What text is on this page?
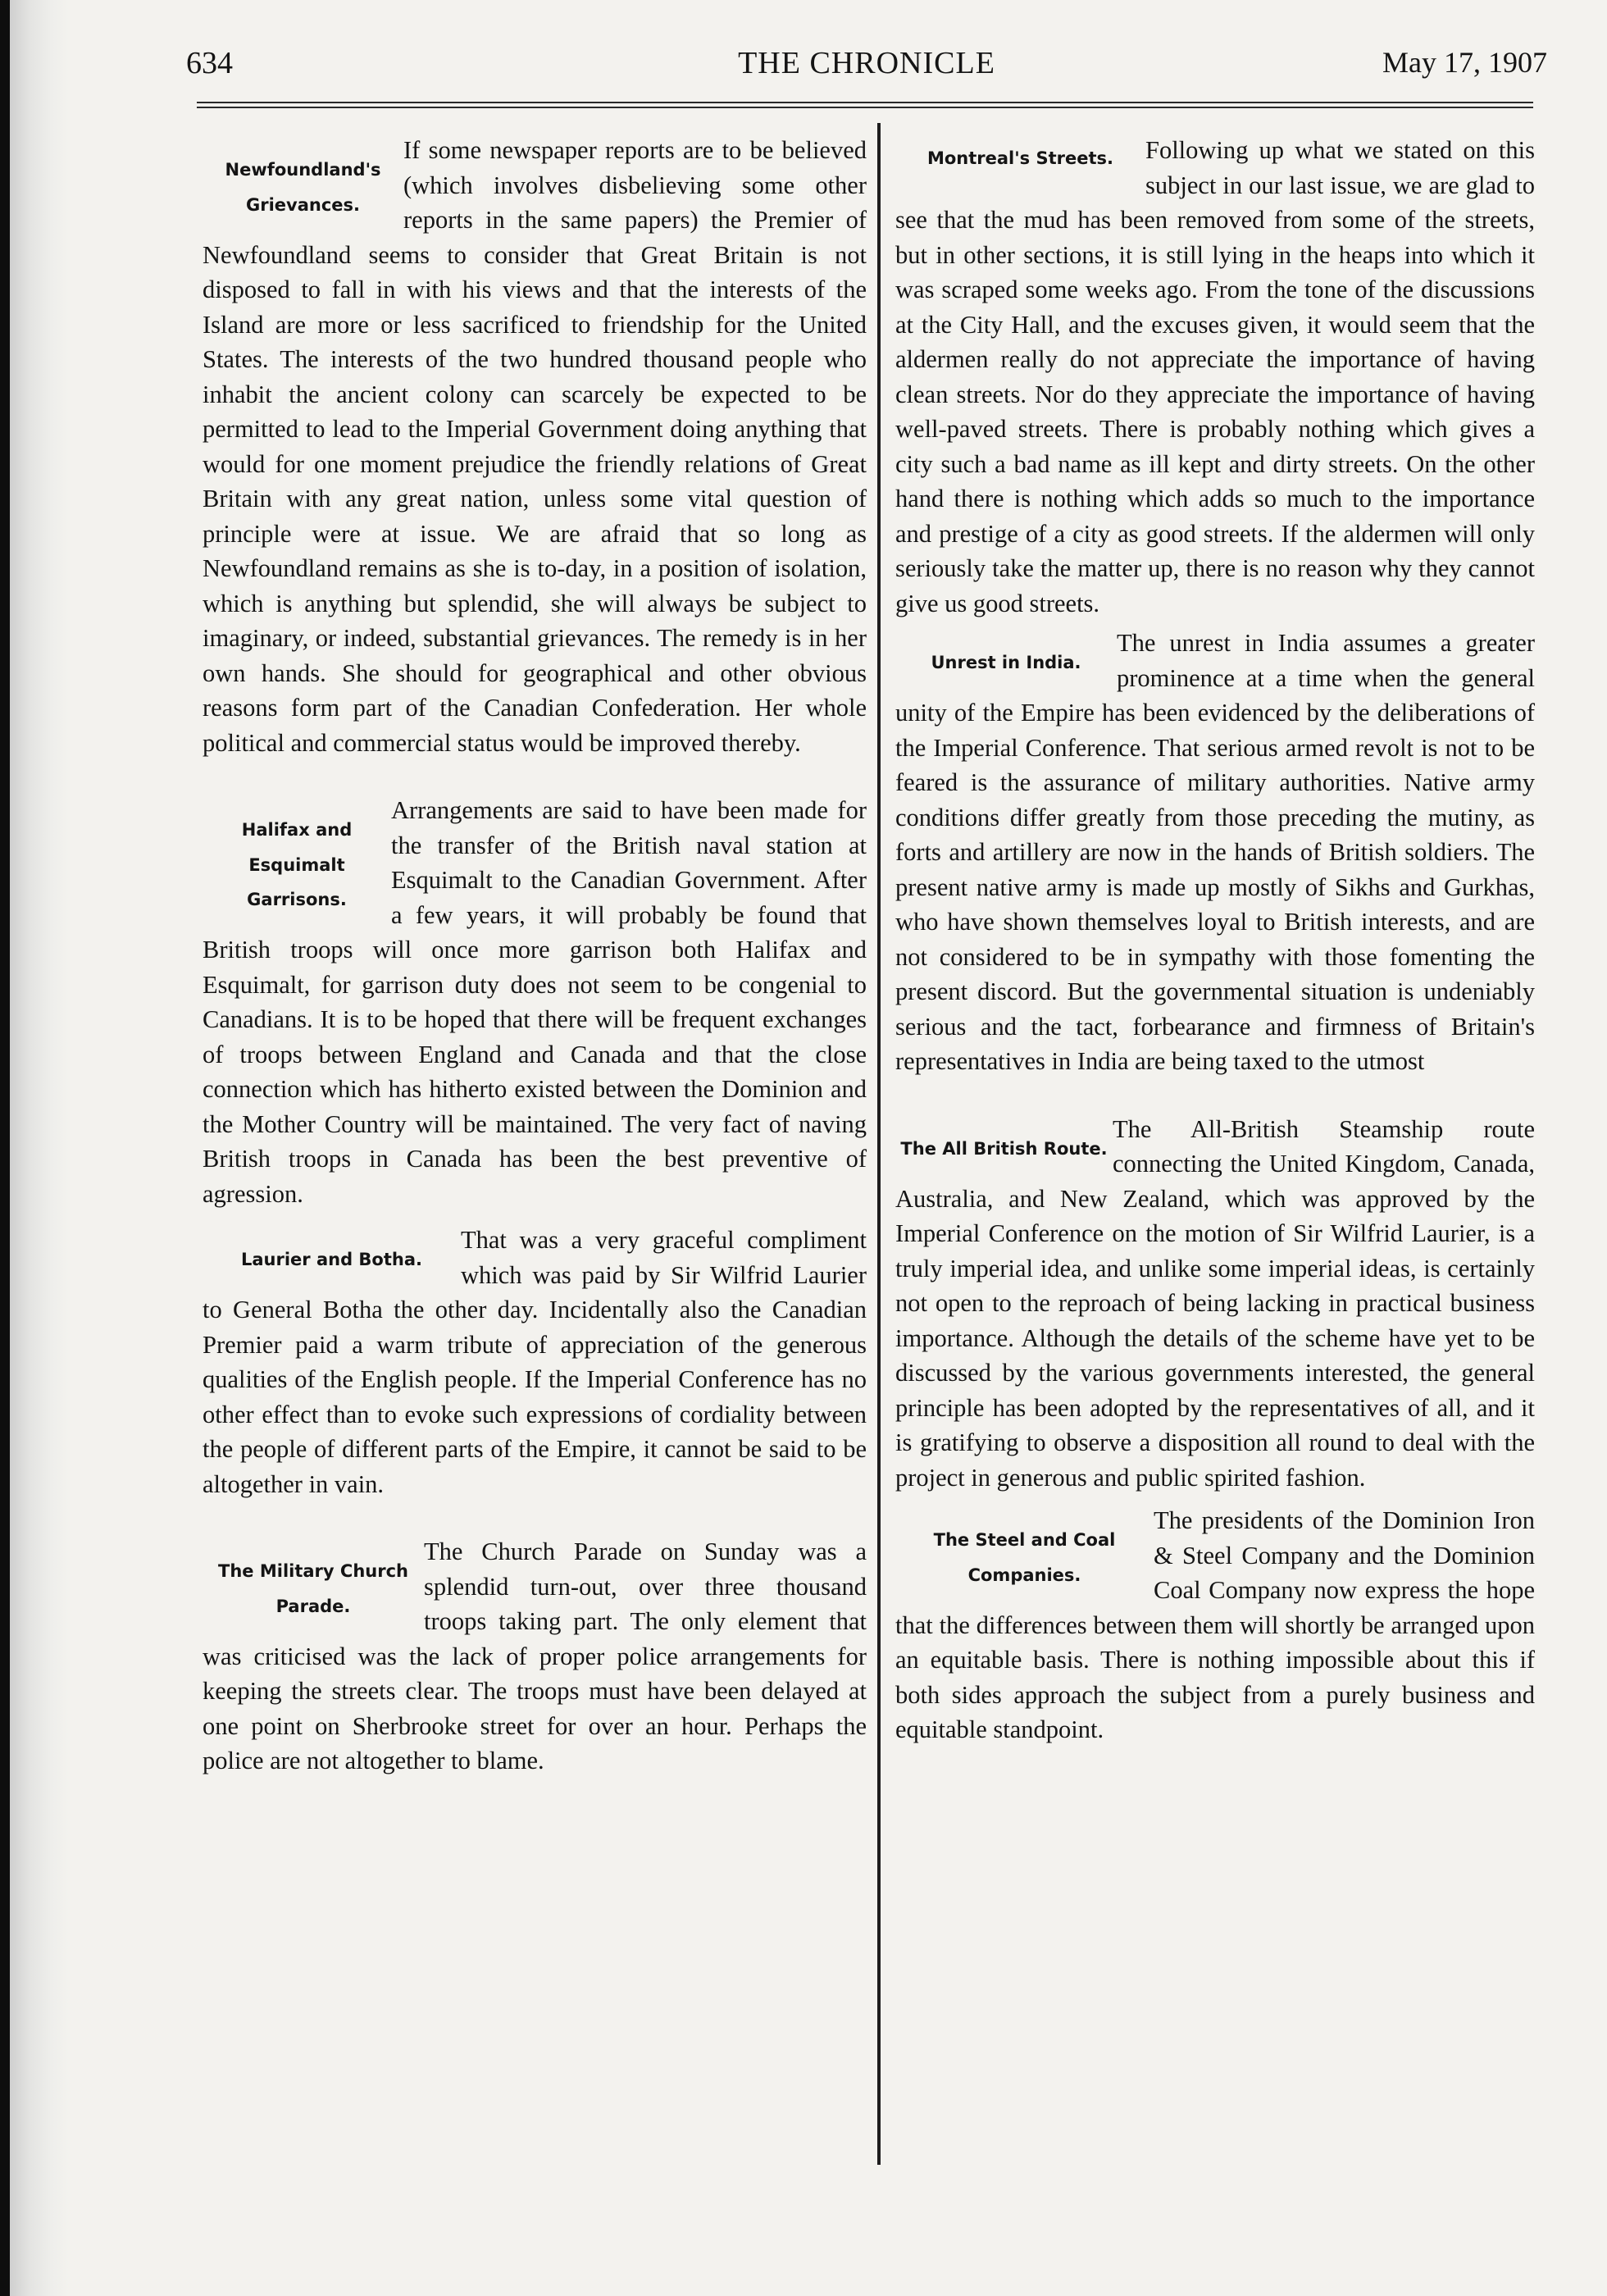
634	THE CHRONICLE	May 17, 1907
Newfoundland's Grievances.

If some newspaper reports are to be believed (which involves disbelieving some other reports in the same papers) the Premier of Newfoundland seems to consider that Great Britain is not disposed to fall in with his views and that the interests of the Island are more or less sacrificed to friendship for the United States. The interests of the two hundred thousand people who inhabit the ancient colony can scarcely be expected to be permitted to lead to the Imperial Government doing anything that would for one moment prejudice the friendly relations of Great Britain with any great nation, unless some vital question of principle were at issue. We are afraid that so long as Newfoundland remains as she is to-day, in a position of isolation, which is anything but splendid, she will always be subject to imaginary, or indeed, substantial grievances. The remedy is in her own hands. She should for geographical and other obvious reasons form part of the Canadian Confederation. Her whole political and commercial status would be improved thereby.

Halifax and Esquimalt Garrisons.

Arrangements are said to have been made for the transfer of the British naval station at Esquimalt to the Canadian Government. After a few years, it will probably be found that British troops will once more garrison both Halifax and Esquimalt, for garrison duty does not seem to be congenial to Canadians. It is to be hoped that there will be frequent exchanges of troops between England and Canada and that the close connection which has hitherto existed between the Dominion and the Mother Country will be maintained. The very fact of naving British troops in Canada has been the best preventive of agression.

Laurier and Botha.

That was a very graceful compliment which was paid by Sir Wilfrid Laurier to General Botha the other day. Incidentally also the Canadian Premier paid a warm tribute of appreciation of the generous qualities of the English people. If the Imperial Conference has no other effect than to evoke such expressions of cordiality between the people of different parts of the Empire, it cannot be said to be altogether in vain.

The Military Church Parade.

The Church Parade on Sunday was a splendid turn-out, over three thousand troops taking part. The only element that was criticised was the lack of proper police arrangements for keeping the streets clear. The troops must have been delayed at one point on Sherbrooke street for over an hour. Perhaps the police are not altogether to blame.

Montreal's Streets.	Following up what we stated on this subject in our last issue, we are glad to see that the mud has been removed from some of the streets, but in other sections, it is still lying in the heaps into which it was scraped some weeks ago. From the tone of the discussions at the City Hall, and the excuses given, it would seem that the aldermen really do not appreciate the importance of having clean streets. Nor do they appreciate the importance of having well-paved streets. There is probably nothing which gives a city such a bad name as ill kept and dirty streets. On the other hand there is nothing which adds so much to the importance and prestige of a city as good streets. If the aldermen will only seriously take the matter up, there is no reason why they cannot give us good streets.

Unrest in India.

The unrest in India assumes a greater prominence at a time when the general unity of the Empire has been evidenced by the deliberations of the Imperial Conference. That serious armed revolt is not to be feared is the assurance of military authorities. Native army conditions differ greatly from those preceding the mutiny, as forts and artillery are now in the hands of British soldiers. The present native army is made up mostly of Sikhs and Gurkhas, who have shown themselves loyal to British interests, and are not considered to be in sympathy with those fomenting the present discord. But the governmental situation is undeniably serious and the tact, forbearance and firmness of Britain's representatives in India are being taxed to the utmost

The All British Route.

The All-British Steamship route connecting the United Kingdom, Canada, Australia, and New Zealand, which was approved by the Imperial Conference on the motion of Sir Wilfrid Laurier, is a truly imperial idea, and unlike some imperial ideas, is certainly not open to the reproach of being lacking in practical business importance. Although the details of the scheme have yet to be discussed by the various governments interested, the general principle has been adopted by the representatives of all, and it is gratifying to observe a disposition all round to deal with the project in generous and public spirited fashion.

The Steel and Coal Companies.

The presidents of the Dominion Iron & Steel Company and the Dominion Coal Company now express the hope that the differences between them will shortly be arranged upon an equitable basis. There is nothing impossible about this if both sides approach the subject from a purely business and equitable standpoint.
